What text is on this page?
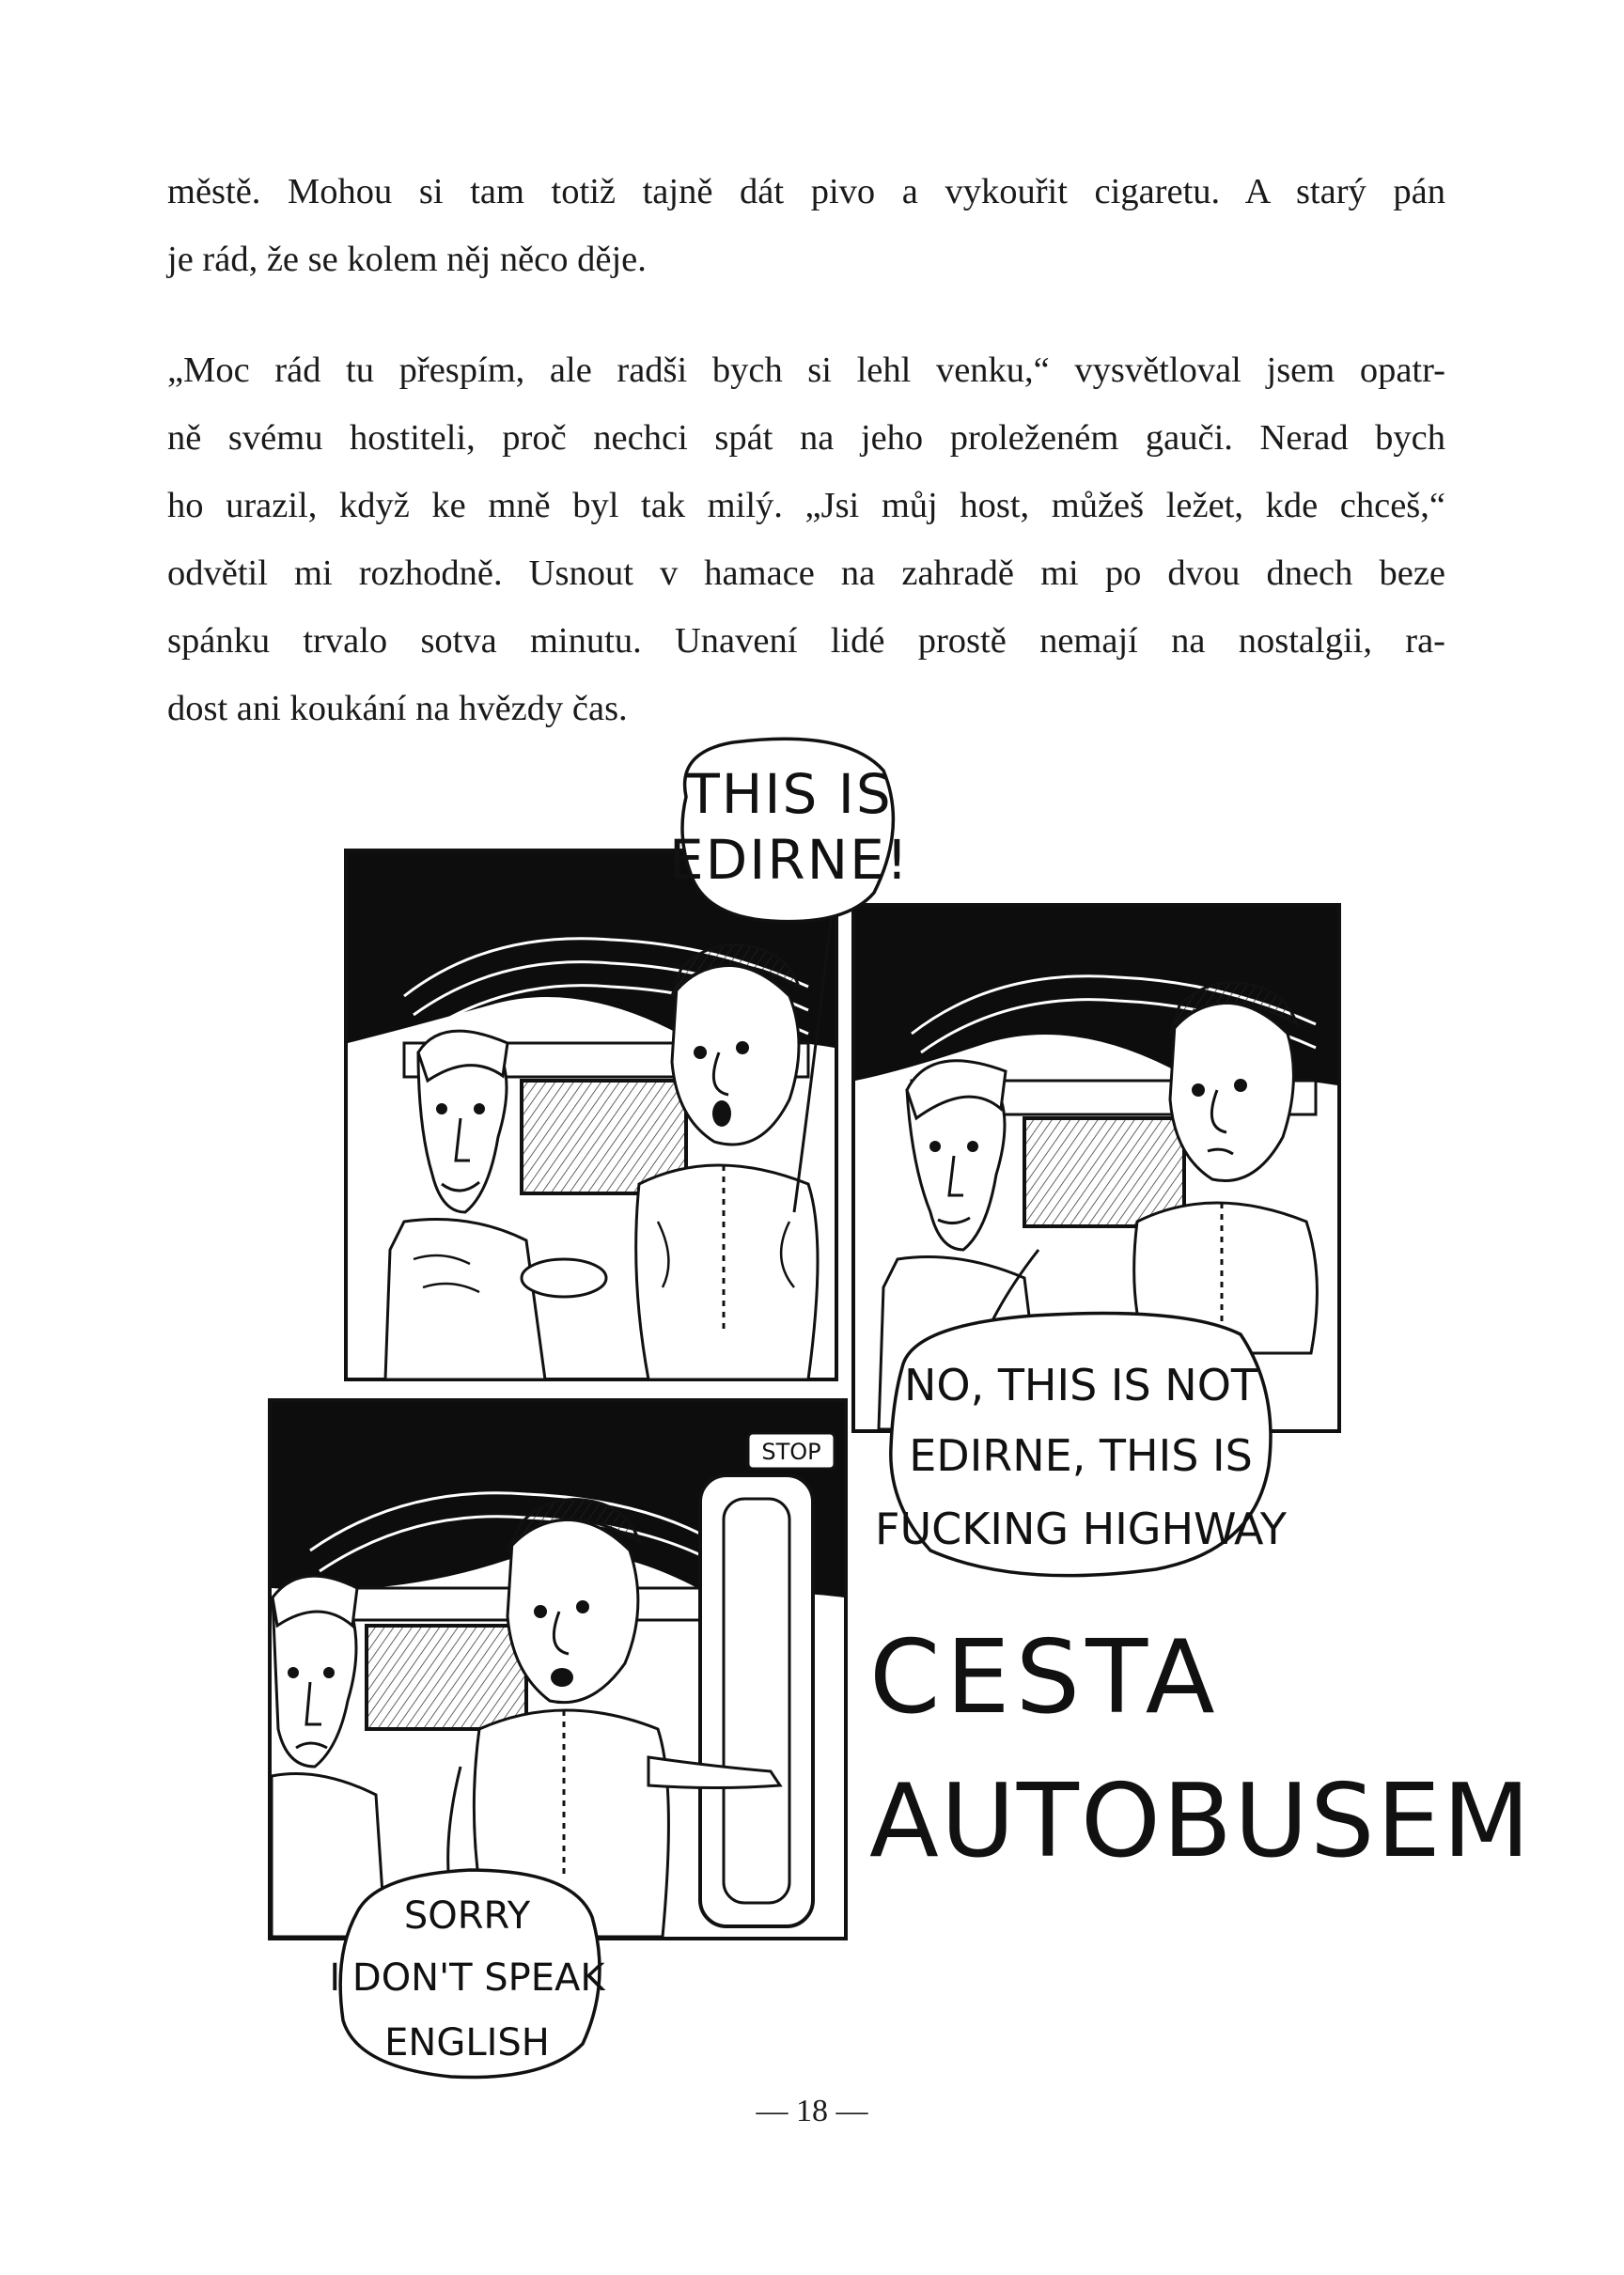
městě. Mohou si tam totiž tajně dát pivo a vykouřit cigaretu. A starý pán
je rád, že se kolem něj něco děje.
„Moc rád tu přespím, ale radši bych si lehl venku,“ vysvětloval jsem opatr-
ně svému hostiteli, proč nechci spát na jeho proleženém gauči. Nerad bych
ho urazil, když ke mně byl tak milý. „Jsi můj host, můžeš ležet, kde chceš,“
odvětil mi rozhodně. Usnout v hamace na zahradě mi po dvou dnech beze
spánku trvalo sotva minutu. Unavení lidé prostě nemají na nostalgii, ra-
dost ani koukání na hvězdy čas.
STOP
THIS IS
EDIRNE!
NO, THIS IS NOT
EDIRNE, THIS IS
FUCKING HIGHWAY
SORRY
I DON'T SPEAK
ENGLISH
CESTA
AUTOBUSEM
— 18 —
